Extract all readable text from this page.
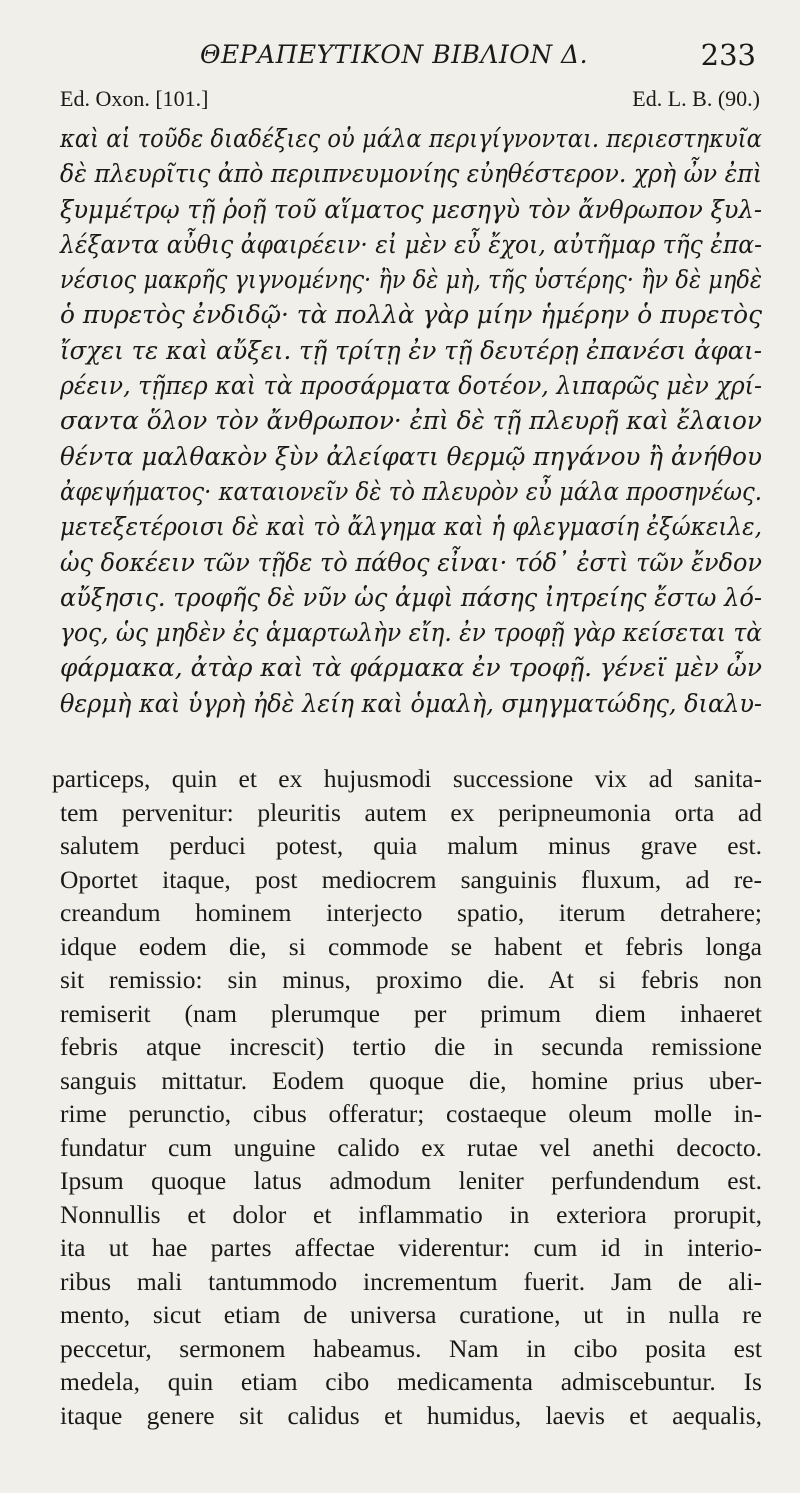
ΘΕΡΑΠΕΥΤΙΚΟΝ ΒΙΒΛΙΟΝ Δ.	233
Ed. Oxon. [101.]	Ed. L. B. (90.)
καὶ αἱ τοῦδε διαδέξιες οὐ μάλα περιγίγνονται. περιεστηκυῖα
δὲ πλευρῖτις ἀπὸ περιπνευμονίης εὐηθέστερον. χρὴ ὦν ἐπὶ
ξυμμέτρῳ τῇ ῥοῇ τοῦ αἵματος μεσηγὺ τὸν ἄνθρωπον ξυλ-
λέξαντα αὖθις ἀφαιρέειν· εἰ μὲν εὖ ἔχοι, αὐτῆμαρ τῆς ἐπα-
νέσιος μακρῆς γιγνομένης· ἢν δὲ μὴ, τῆς ὑστέρης· ἢν δὲ μηδὲ
ὁ πυρετὸς ἐνδιδῷ· τὰ πολλὰ γὰρ μίην ἡμέρην ὁ πυρετὸς
ἴσχει τε καὶ αὔξει. τῇ τρίτῃ ἐν τῇ δευτέρῃ ἐπανέσι ἀφαι-
ρέειν, τῇπερ καὶ τὰ προσάρματα δοτέον, λιπαρῶς μὲν χρί-
σαντα ὅλον τὸν ἄνθρωπον· ἐπὶ δὲ τῇ πλευρῇ καὶ ἔλαιον
θέντα μαλθακὸν ξὺν ἀλείφατι θερμῷ πηγάνου ἢ ἀνήθου
ἀφεψήματος· καταιονεῖν δὲ τὸ πλευρὸν εὖ μάλα προσηνέως.
μετεξετέροισι δὲ καὶ τὸ ἄλγημα καὶ ἡ φλεγμασίη ἐξώκειλε,
ὡς δοκέειν τῶν τῇδε τὸ πάθος εἶναι· τόδ᾽ ἐστὶ τῶν ἔνδον
αὔξησις. τροφῆς δὲ νῦν ὡς ἀμφὶ πάσης ἰητρείης ἔστω λό-
γος, ὡς μηδὲν ἐς ἁμαρτωλὴν εἴη. ἐν τροφῇ γὰρ κείσεται τὰ
φάρμακα, ἀτὰρ καὶ τὰ φάρμακα ἐν τροφῇ. γένεϊ μὲν ὦν
θερμὴ καὶ ὑγρὴ ἠδὲ λείη καὶ ὁμαλὴ, σμηγματώδης, διαλυ-
particeps, quin et ex hujusmodi successione vix ad sanita-
tem pervenitur: pleuritis autem ex peripneumonia orta ad
salutem perduci potest, quia malum minus grave est.
Oportet itaque, post mediocrem sanguinis fluxum, ad re-
creandum hominem interjecto spatio, iterum detrahere;
idque eodem die, si commode se habent et febris longa
sit remissio: sin minus, proximo die. At si febris non
remiserit (nam plerumque per primum diem inhaeret
febris atque increscit) tertio die in secunda remissione
sanguis mittatur. Eodem quoque die, homine prius uber-
rime perunctio, cibus offeratur; costaeque oleum molle in-
fundatur cum unguine calido ex rutae vel anethi decocto.
Ipsum quoque latus admodum leniter perfundendum est.
Nonnullis et dolor et inflammatio in exteriora prorupit,
ita ut hae partes affectae viderentur: cum id in interio-
ribus mali tantummodo incrementum fuerit. Jam de ali-
mento, sicut etiam de universa curatione, ut in nulla re
peccetur, sermonem habeamus. Nam in cibo posita est
medela, quin etiam cibo medicamenta admiscebuntur. Is
itaque genere sit calidus et humidus, laevis et aequalis,
